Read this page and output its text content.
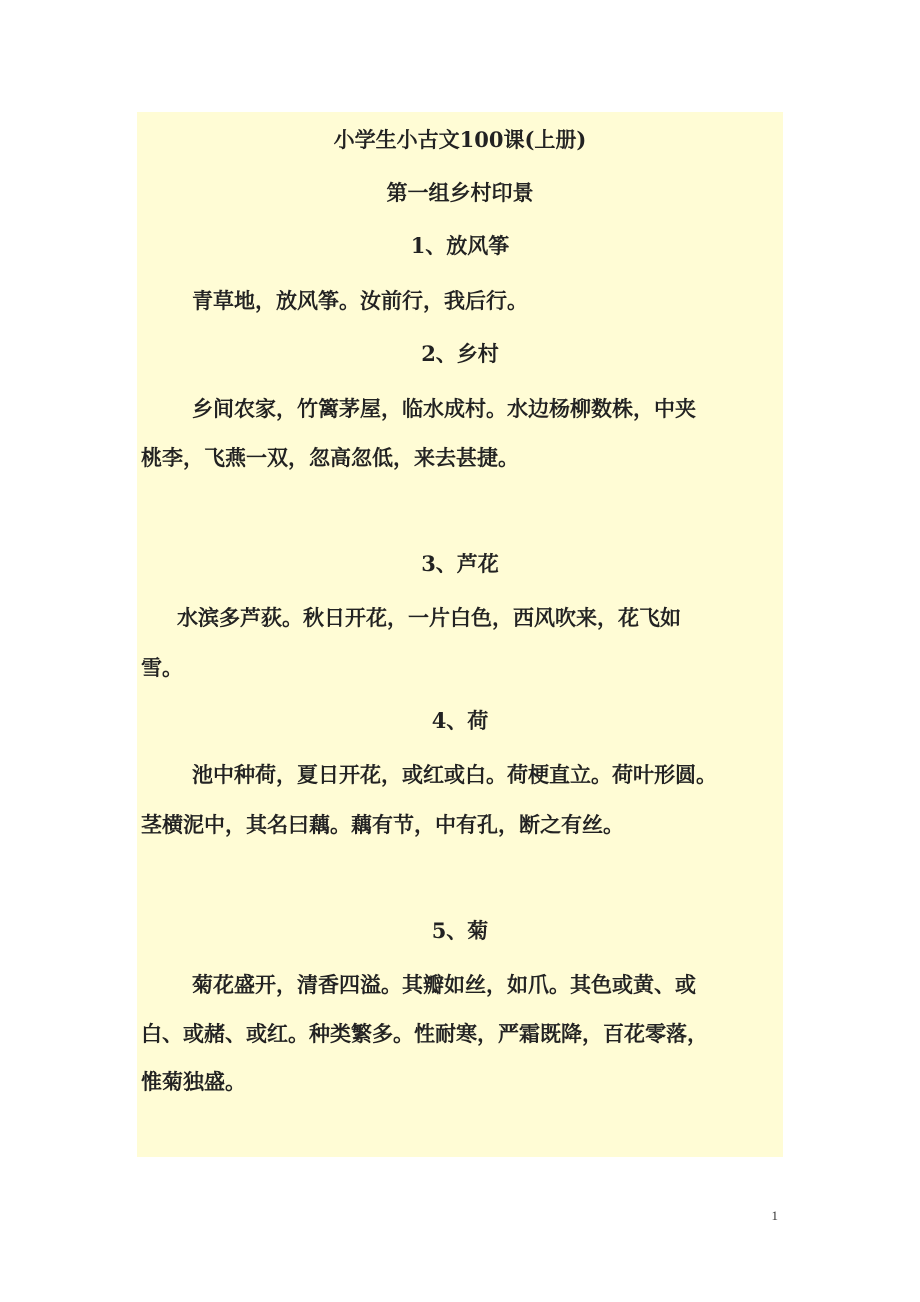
小学生小古文100课(上册)
第一组乡村印景
1、放风筝
青草地，放风筝。汝前行，我后行。
2、乡村
乡间农家，竹篱茅屋，临水成村。水边杨柳数株，中夹
桃李，飞燕一双，忽高忽低，来去甚捷。
3、芦花
水滨多芦荻。秋日开花，一片白色，西风吹来，花飞如
雪。
4、荷
池中种荷，夏日开花，或红或白。荷梗直立。荷叶形圆。
茎横泥中，其名曰藕。藕有节，中有孔，断之有丝。
5、菊
菊花盛开，清香四溢。其瓣如丝，如爪。其色或黄、或
白、或赭、或红。种类繁多。性耐寒，严霜既降，百花零落，
惟菊独盛。
1
